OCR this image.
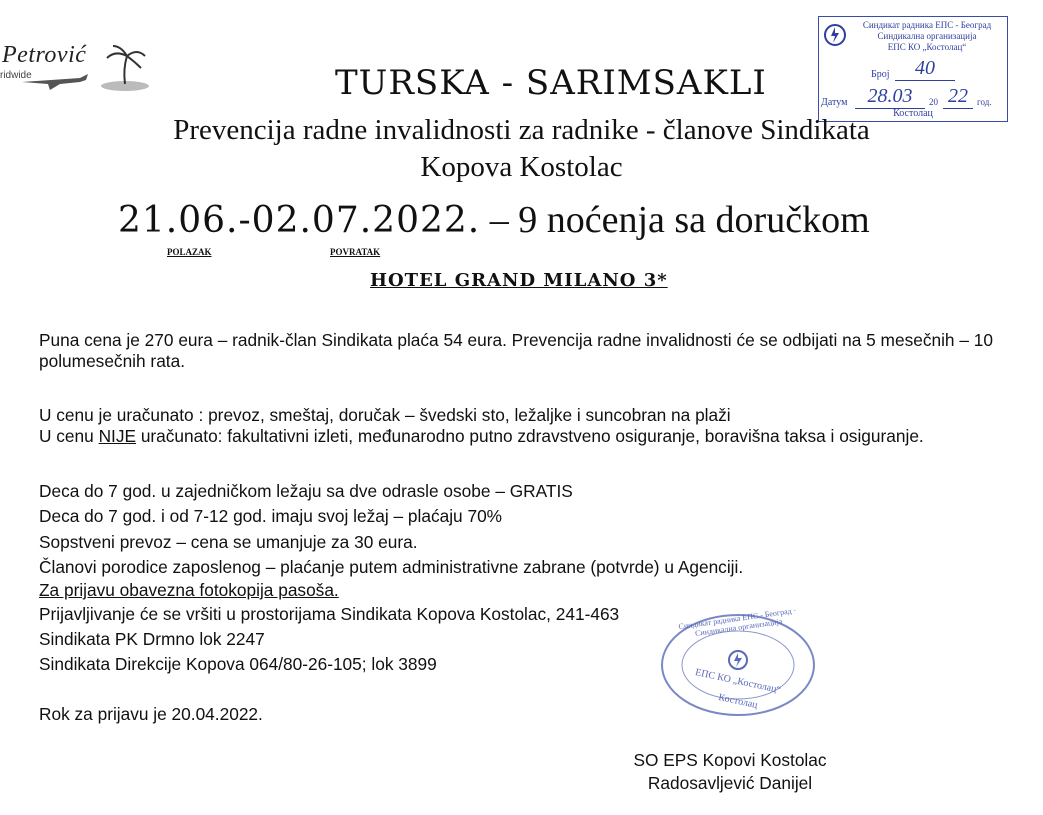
Petrović
ridwide
Синдикат радника ЕПС - Београд
Синдикална организација
ЕПС КО „Костолац“
Број	40
Датум	28.03	20 22	год.
Костолац
TURSKA - SARIMSAKLI
Prevencija radne invalidnosti za radnike - članove Sindikata Kopova Kostolac
21.06.-02.07.2022. – 9 noćenja sa doručkom
POLAZAK	POVRATAK
HOTEL GRAND MILANO 3*
Puna cena je 270 eura – radnik-član Sindikata plaća 54 eura. Prevencija radne invalidnosti će se odbijati na 5 mesečnih – 10 polumesečnih rata.
U cenu je uračunato : prevoz, smeštaj, doručak – švedski sto, ležaljke i suncobran na plaži
U cenu NIJE uračunato: fakultativni izleti, međunarodno putno zdravstveno osiguranje, boravišna taksa i osiguranje.
Deca do 7 god. u zajedničkom ležaju sa dve odrasle osobe – GRATIS
Deca do 7 god. i od 7-12 god. imaju svoj ležaj – plaćaju 70%
Sopstveni prevoz – cena se umanjuje za 30 eura.
Članovi porodice zaposlenog – plaćanje putem administrativne zabrane (potvrde) u Agenciji.
Za prijavu obavezna fotokopija pasoša.
Prijavljivanje će se vršiti u prostorijama Sindikata Kopova Kostolac, 241-463
Sindikata PK Drmno lok 2247
Sindikata Direkcije Kopova 064/80-26-105; lok 3899
Rok za prijavu je 20.04.2022.
Синдикат радника ЕПС - Београд · Синдикална организација
ЕПС КО „Костолац“
Костолац
SO EPS Kopovi Kostolac
Radosavljević Danijel
